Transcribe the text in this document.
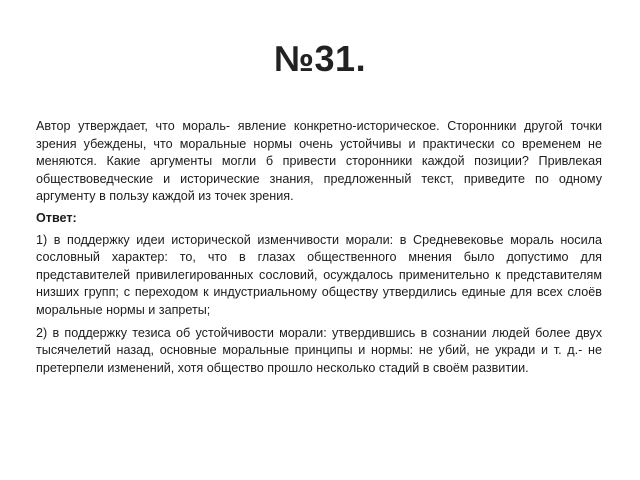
№31.

Автор утверждает, что мораль- явление конкретно-историческое. Сторонники другой точки зрения убеждены, что моральные нормы очень устойчивы и практически со временем не меняются. Какие аргументы могли б привести сторонники каждой позиции? Привлекая обществоведческие и исторические знания, предложенный текст, приведите по одному аргументу в пользу каждой из точек зрения.

Ответ:

1) в поддержку идеи исторической изменчивости морали: в Средневековье мораль носила сословный характер: то, что в глазах общественного мнения было допустимо для представителей привилегированных сословий, осуждалось применительно к представителям низших групп; с переходом к индустриальному обществу утвердились единые для всех слоёв моральные нормы и запреты;

2) в поддержку тезиса об устойчивости морали: утвердившись в сознании людей более двух тысячелетий назад, основные моральные принципы и нормы: не убий, не укради и т. д.- не претерпели изменений, хотя общество прошло несколько стадий в своём развитии.
